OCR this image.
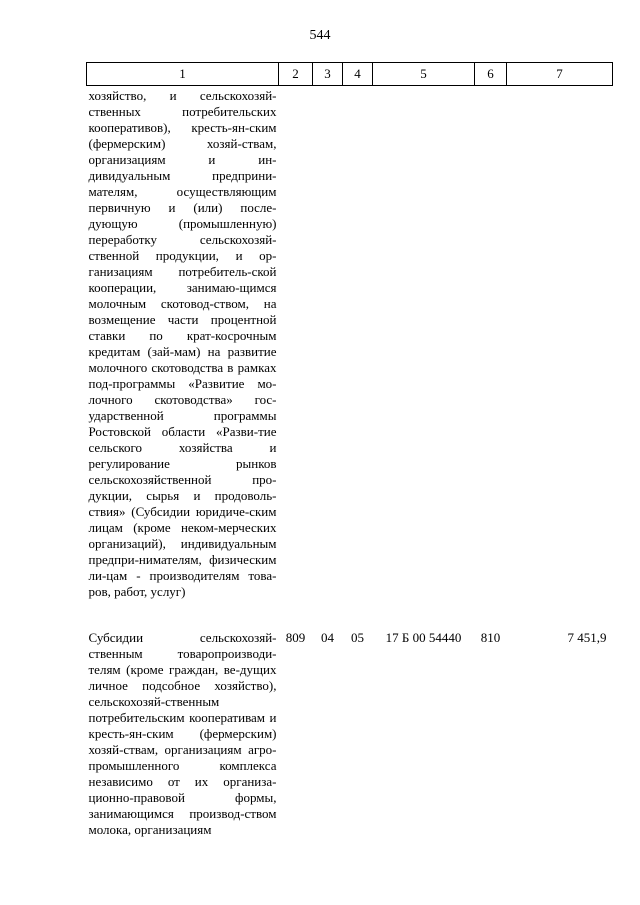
544
1	2	3	4	5	6	7
хозяйство, и сельскохозяй-ственных потребительских кооперативов), кресть-ян-ским (фермерским) хозяй-ствам, организациям и ин-дивидуальным предприни-мателям, осуществляющим первичную и (или) после-дующую (промышленную) переработку сельскохозяй-ственной продукции, и ор-ганизациям потребитель-ской кооперации, занимаю-щимся молочным скотовод-ством, на возмещение части процентной ставки по крат-косрочным кредитам (зай-мам) на развитие молочного скотоводства в рамках под-программы «Развитие мо-лочного скотоводства» гос-ударственной программы Ростовской области «Разви-тие сельского хозяйства и регулирование рынков сельскохозяйственной про-дукции, сырья и продоволь-ствия» (Субсидии юридиче-ским лицам (кроме неком-мерческих организаций), индивидуальным предпри-нимателям, физическим ли-цам - производителям това-ров, работ, услуг)						

Субсидии сельскохозяй-ственным товаропроизводи-телям (кроме граждан, ве-дущих личное подсобное хозяйство), сельскохозяй-ственным потребительским кооперативам и кресть-ян-ским (фермерским) хозяй-ствам, организациям агро-промышленного комплекса независимо от их организа-ционно-правовой формы, занимающимся производ-ством молока, организациям	809	04	05	17 Б 00 54440	810	7 451,9
